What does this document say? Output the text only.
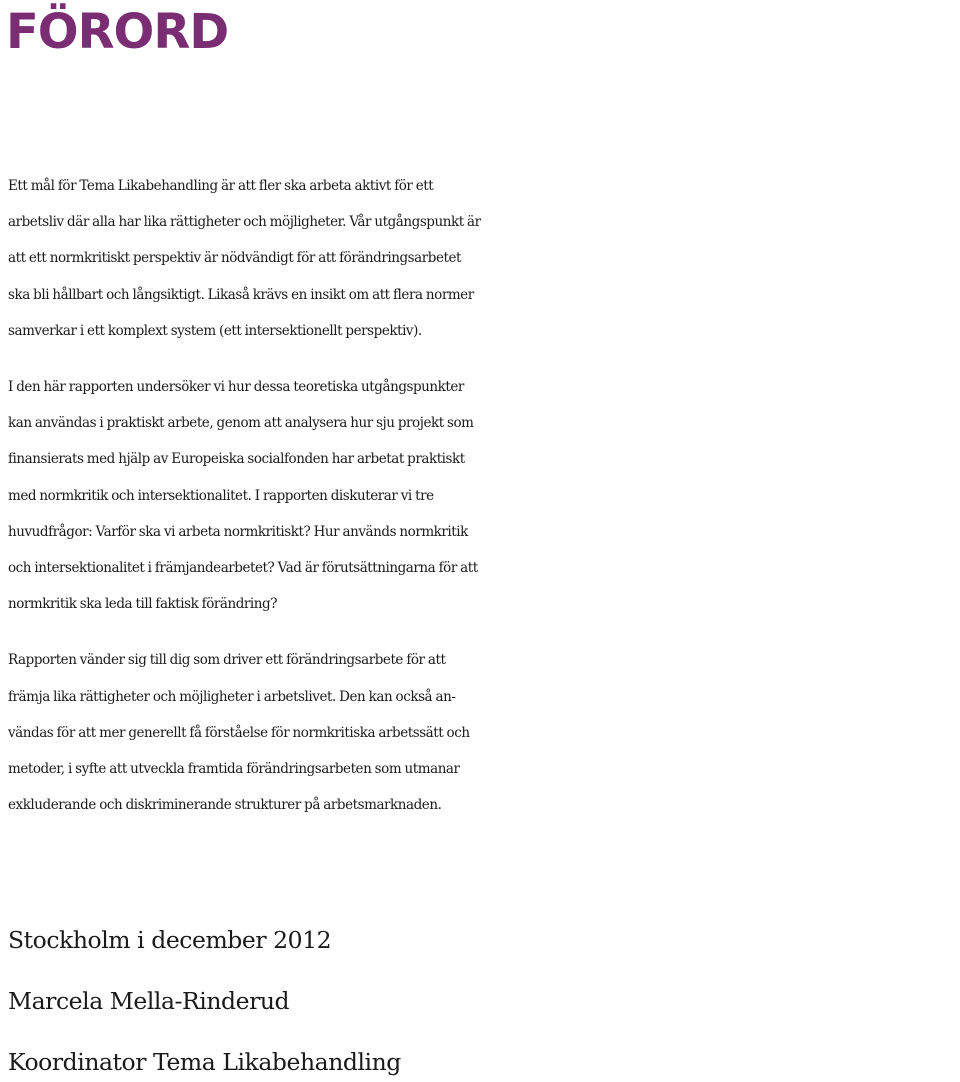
FÖRORD

Ett mål för Tema Likabehandling är att fler ska arbeta aktivt för ett
arbetsliv där alla har lika rättigheter och möjligheter. Vår utgångspunkt är
att ett normkritiskt perspektiv är nödvändigt för att förändringsarbetet
ska bli hållbart och långsiktigt. Likaså krävs en insikt om att flera normer
samverkar i ett komplext system (ett intersektionellt perspektiv).

I den här rapporten undersöker vi hur dessa teoretiska utgångspunkter
kan användas i praktiskt arbete, genom att analysera hur sju projekt som
finansierats med hjälp av Europeiska socialfonden har arbetat praktiskt
med normkritik och intersektionalitet. I rapporten diskuterar vi tre
huvudfrågor: Varför ska vi arbeta normkritiskt? Hur används normkritik
och intersektionalitet i främjandearbetet? Vad är förutsättningarna för att
normkritik ska leda till faktisk förändring?

Rapporten vänder sig till dig som driver ett förändringsarbete för att
främja lika rättigheter och möjligheter i arbetslivet. Den kan också an-
vändas för att mer generellt få förståelse för normkritiska arbetssätt och
metoder, i syfte att utveckla framtida förändringsarbeten som utmanar
exkluderande och diskriminerande strukturer på arbetsmarknaden.

Stockholm i december 2012

Marcela Mella-Rinderud

Koordinator Tema Likabehandling
